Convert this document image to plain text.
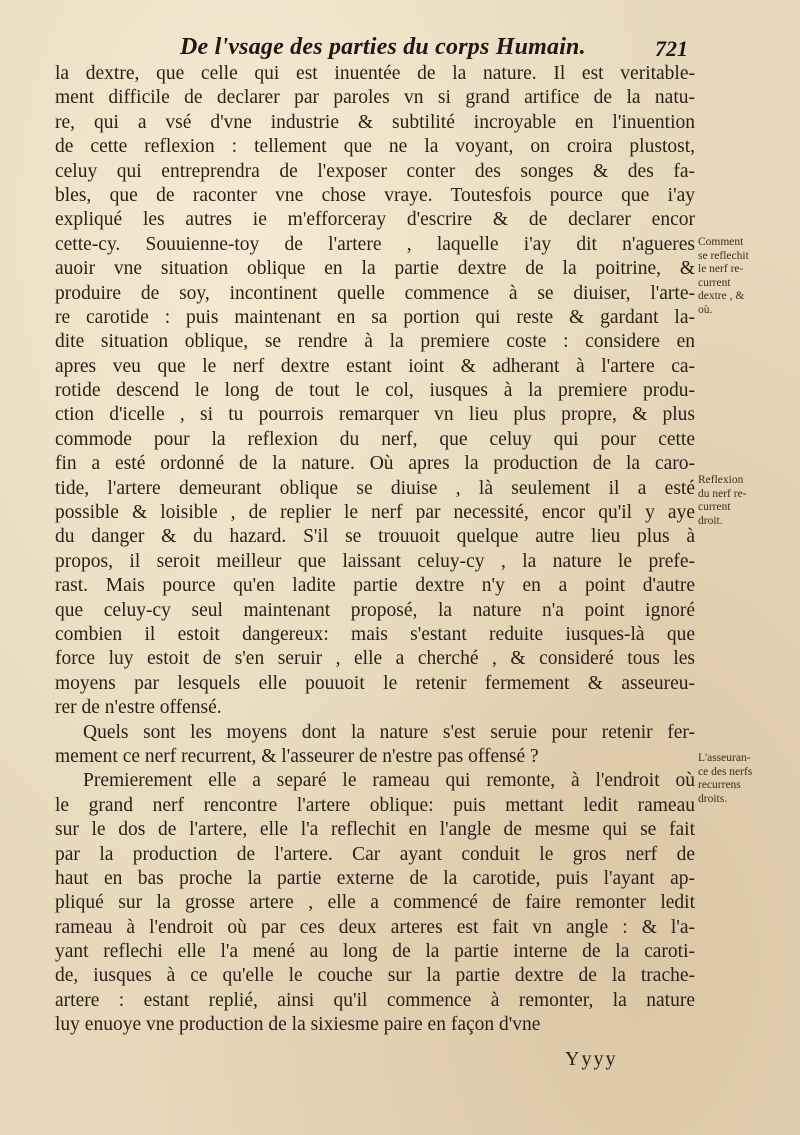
De l'vsage des parties du corps Humain.	721
la dextre, que celle qui est inuentée de la nature. Il est veritable-
ment difficile de declarer par paroles vn si grand artifice de la natu-
re, qui a vsé d'vne industrie & subtilité incroyable en l'inuention
de cette reflexion : tellement que ne la voyant, on croira plustost,
celuy qui entreprendra de l'exposer conter des songes & des fa-
bles, que de raconter vne chose vraye. Toutesfois pource que i'ay
expliqué les autres ie m'efforceray d'escrire & de declarer encor
cette-cy. Souuienne-toy de l'artere , laquelle i'ay dit n'agueres
auoir vne situation oblique en la partie dextre de la poitrine, &
produire de soy, incontinent quelle commence à se diuiser, l'arte-
re carotide : puis maintenant en sa portion qui reste & gardant la-
dite situation oblique, se rendre à la premiere coste : considere en
apres veu que le nerf dextre estant ioint & adherant à l'artere ca-
rotide descend le long de tout le col, iusques à la premiere produ-
ction d'icelle , si tu pourrois remarquer vn lieu plus propre, & plus
commode pour la reflexion du nerf, que celuy qui pour cette
fin a esté ordonné de la nature. Où apres la production de la caro-
tide, l'artere demeurant oblique se diuise , là seulement il a esté
possible & loisible , de replier le nerf par necessité, encor qu'il y aye
du danger & du hazard. S'il se trouuoit quelque autre lieu plus à
propos, il seroit meilleur que laissant celuy-cy , la nature le prefe-
rast. Mais pource qu'en ladite partie dextre n'y en a point d'autre
que celuy-cy seul maintenant proposé, la nature n'a point ignoré
combien il estoit dangereux: mais s'estant reduite iusques-là que
force luy estoit de s'en seruir , elle a cherché , & consideré tous les
moyens par lesquels elle pouuoit le retenir fermement & asseureu-
rer de n'estre offensé.
Quels sont les moyens dont la nature s'est seruie pour retenir fer-
mement ce nerf recurrent, & l'asseurer de n'estre pas offensé ?
Premierement elle a separé le rameau qui remonte, à l'endroit où
le grand nerf rencontre l'artere oblique: puis mettant ledit rameau
sur le dos de l'artere, elle l'a reflechit en l'angle de mesme qui se fait
par la production de l'artere. Car ayant conduit le gros nerf de
haut en bas proche la partie externe de la carotide, puis l'ayant ap-
pliqué sur la grosse artere , elle a commencé de faire remonter ledit
rameau à l'endroit où par ces deux arteres est fait vn angle : & l'a-
yant reflechi elle l'a mené au long de la partie interne de la caroti-
de, iusques à ce qu'elle le couche sur la partie dextre de la trache-
artere : estant replié, ainsi qu'il commence à remonter, la nature
luy enuoye vne production de la sixiesme paire en façon d'vne
Comment
se reflechit
le nerf re-
current
dextre , &
où.
Reflexion
du nerf re-
current
droit.
L'asseuran-
ce des nerfs
recurrens
droits.
Yyyy
